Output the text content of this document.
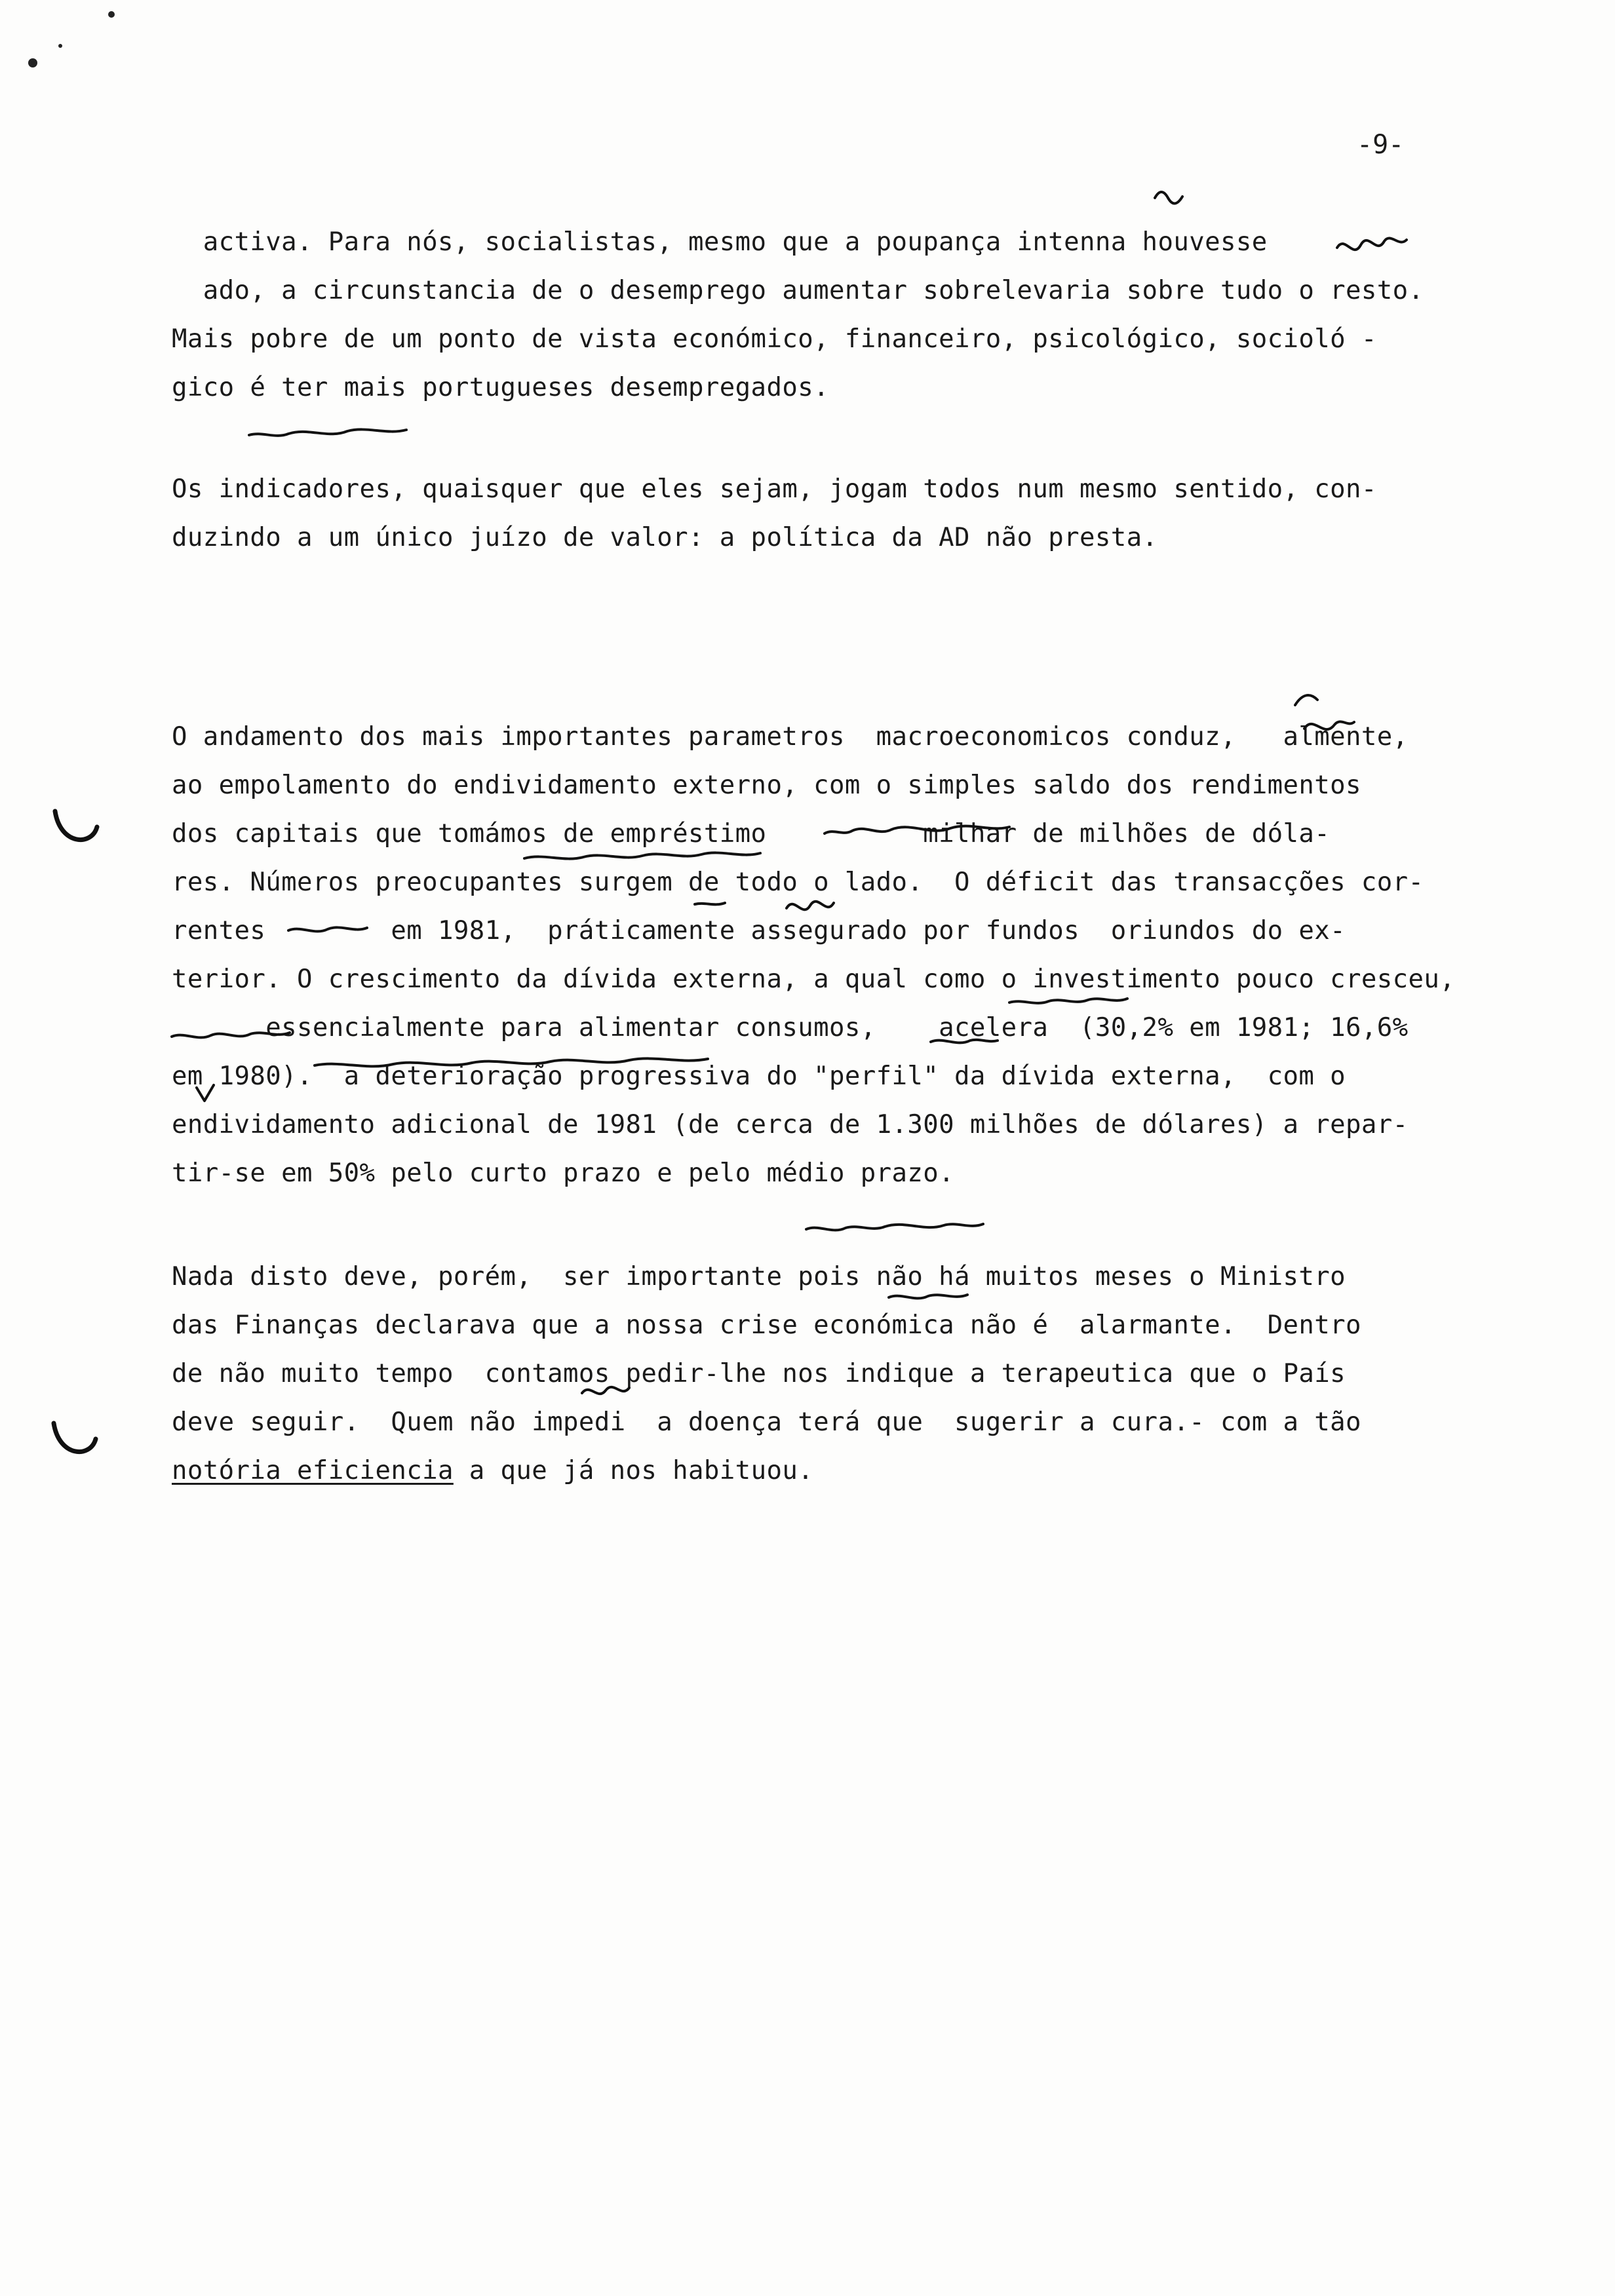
-9-
activa. Para nós, socialistas, mesmo que a poupança intenna houvesse
ado, a circunstancia de o desemprego aumentar sobrelevaria sobre tudo o resto.
Mais pobre de um ponto de vista económico, financeiro, psicológico, socioló -
gico é ter mais portugueses desempregados.
Os indicadores, quaisquer que eles sejam, jogam todos num mesmo sentido, con-
duzindo a um único juízo de valor: a política da AD não presta.
O andamento dos mais importantes parametros  macroeconomicos conduz,   almente,
ao empolamento do endividamento externo, com o simples saldo dos rendimentos
dos capitais que tomámos de empréstimo          milhar de milhões de dóla-
res. Números preocupantes surgem de todo o lado.  O déficit das transacções cor-
rentes        em 1981,  práticamente assegurado por fundos  oriundos do ex-
terior. O crescimento da dívida externa, a qual como o investimento pouco cresceu,
essencialmente para alimentar consumos,    acelera  (30,2% em 1981; 16,6%
em 1980).  a deterioração progressiva do "perfil" da dívida externa,  com o
endividamento adicional de 1981 (de cerca de 1.300 milhões de dólares) a repar-
tir-se em 50% pelo curto prazo e pelo médio prazo.
Nada disto deve, porém,  ser importante pois não há muitos meses o Ministro
das Finanças declarava que a nossa crise económica não é  alarmante.  Dentro
de não muito tempo  contamos pedir-lhe nos indique a terapeutica que o País
deve seguir.  Quem não impedi  a doença terá que  sugerir a cura.- com a tão
notória eficiencia a que já nos habituou.
